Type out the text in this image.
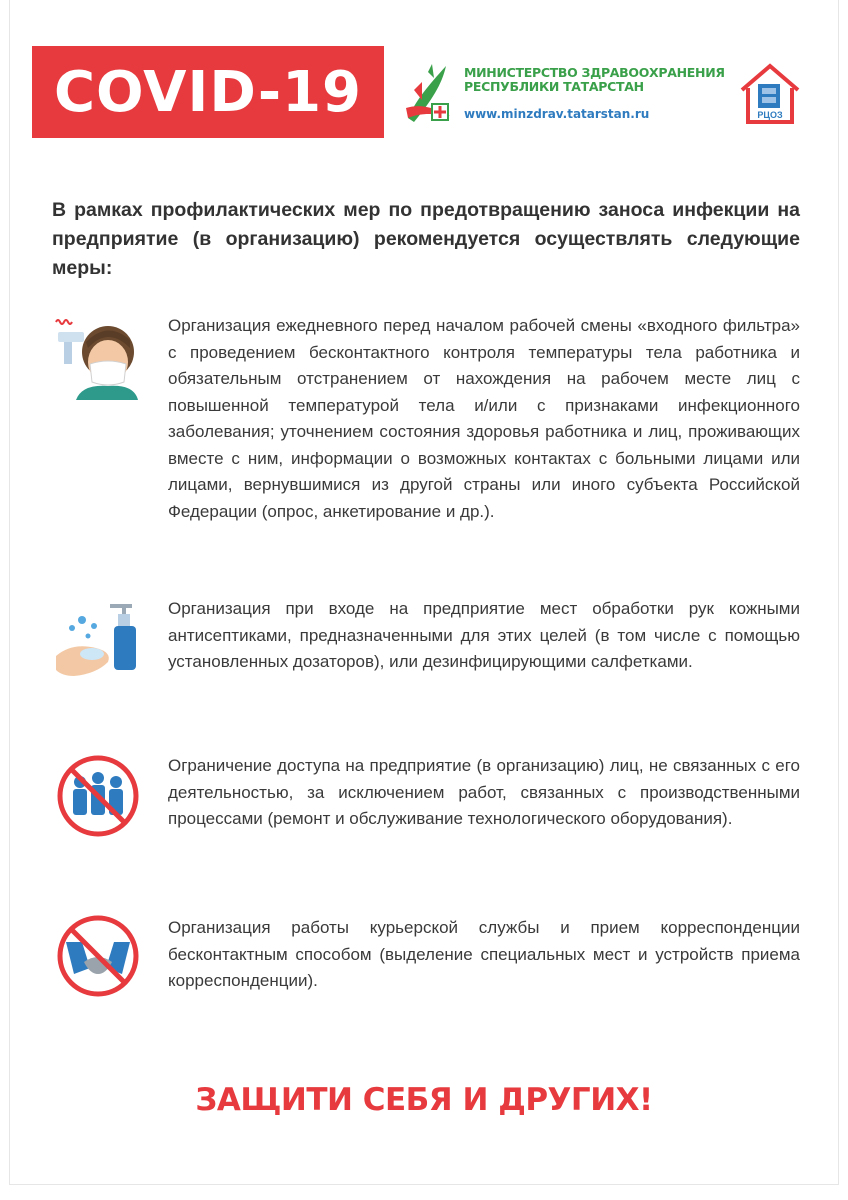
COVID-19	МИНИСТЕРСТВО ЗДРАВООХРАНЕНИЯ
РЕСПУБЛИКИ ТАТАРСТАН
www.minzdrav.tatarstan.ru	РЦОЗ
В рамках профилактических мер по предотвращению заноса инфекции на предприятие (в организацию) рекомендуется осуществлять следующие меры:
Организация ежедневного перед началом рабочей смены «входного фильтра» с проведением бесконтактного контроля температуры тела работника и обязательным отстранением от нахождения на рабочем месте лиц с повышенной температурой тела и/или с признаками инфекционного заболевания; уточнением состояния здоровья работника и лиц, проживающих вместе с ним, информации о возможных контактах с больными лицами или лицами, вернувшимися из другой страны или иного субъекта Российской Федерации (опрос, анкетирование и др.).
Организация при входе на предприятие мест обработки рук кожными антисептиками, предназначенными для этих целей (в том числе с помощью установленных дозаторов), или дезинфицирующими салфетками.
Ограничение доступа на предприятие (в организацию) лиц, не связанных с его деятельностью, за исключением работ, связанных с производственными процессами (ремонт и обслуживание технологического оборудования).
Организация работы курьерской службы и прием корреспонденции бесконтактным способом (выделение специальных мест и устройств приема корреспонденции).
ЗАЩИТИ СЕБЯ И ДРУГИХ!
